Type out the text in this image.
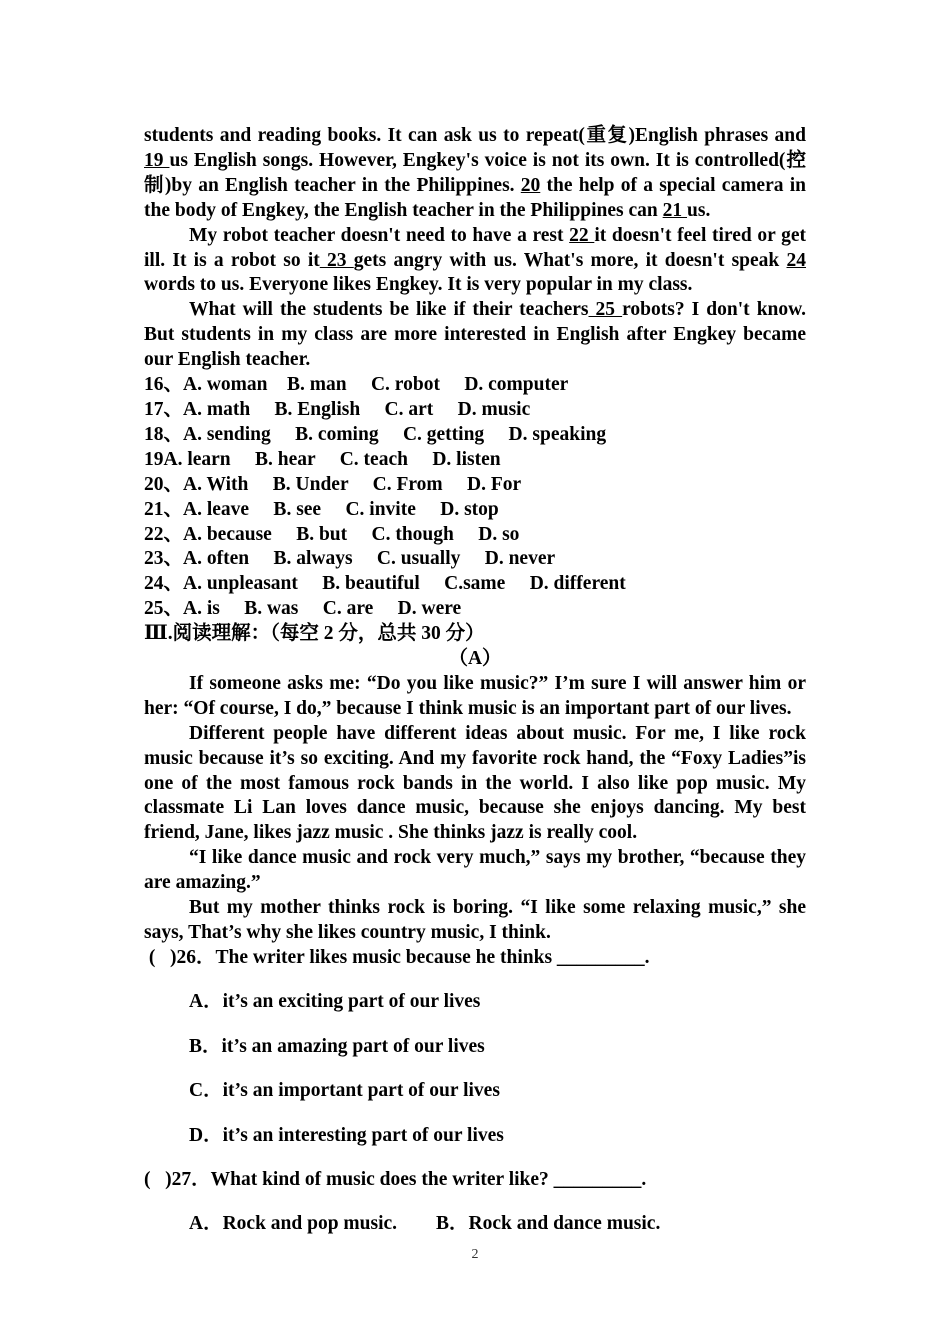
students and reading books. It can ask us to repeat(重复)English phrases and 19 us English songs. However, Engkey's voice is not its own. It is controlled(控制)by an English teacher in the Philippines. 20 the help of a special camera in the body of Engkey, the English teacher in the Philippines can 21 us.

My robot teacher doesn't need to have a rest 22 it doesn't feel tired or get ill. It is a robot so it 23 gets angry with us. What's more, it doesn't speak 24 words to us. Everyone likes Engkey. It is very popular in my class.

What will the students be like if their teachers 25 robots? I don't know. But students in my class are more interested in English after Engkey became our English teacher.

16、A. woman    B. man     C. robot     D. computer

17、A. math     B. English     C. art     D. music

18、A. sending     B. coming     C. getting     D. speaking

19A. learn     B. hear     C. teach     D. listen

20、A. With     B. Under     C. From     D. For

21、A. leave     B. see     C. invite     D. stop

22、A. because     B. but     C. though     D. so

23、A. often     B. always     C. usually     D. never

24、A. unpleasant     B. beautiful     C.same     D. different

25、A. is     B. was     C. are     D. were

Ⅲ.阅读理解：（每空 2 分，总共 30 分）

（A）

If someone asks me: “Do you like music?” I’m sure I will answer him or her: “Of course, I do,” because I think music is an important part of our lives.

Different people have different ideas about music. For me, I like rock music because it’s so exciting. And my favorite rock hand, the “Foxy Ladies”is one of the most famous rock bands in the world. I also like pop music. My classmate Li Lan loves dance music, because she enjoys dancing. My best friend, Jane, likes jazz music . She thinks jazz is really cool.

“I like dance music and rock very much,” says my brother, “because they are amazing.”

But my mother thinks rock is boring. “I like some relaxing music,” she says, That’s why she likes country music, I think.

(   )26．The writer likes music because he thinks _________.

A．it’s an exciting part of our lives

B．it’s an amazing part of our lives

C．it’s an important part of our lives

D．it’s an interesting part of our lives

(   )27．What kind of music does the writer like? _________.

A．Rock and pop music.        B．Rock and dance music.

2
